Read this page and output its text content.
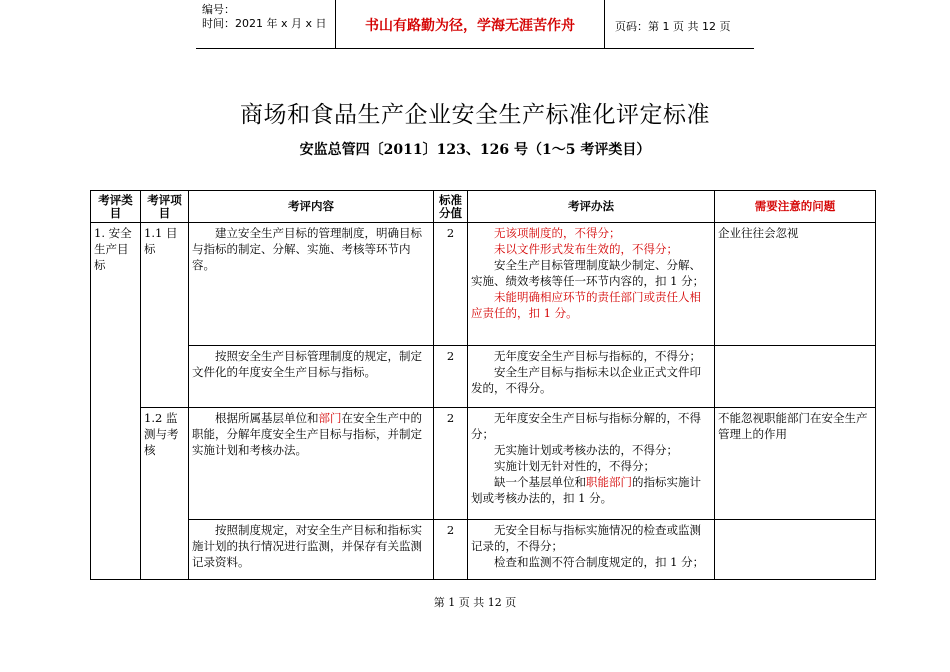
编号：
时间：2021 年 x 月 x 日	书山有路勤为径，学海无涯苦作舟	页码：第 1 页 共 12 页
商场和食品生产企业安全生产标准化评定标准
安监总管四〔2011〕123、126 号（1～5 考评类目）
考评类目	考评项目	考评内容	标准分值	考评办法	需要注意的问题
1. 安全生产目标	1.1 目标	建立安全生产目标的管理制度，明确目标与指标的制定、分解、实施、考核等环节内容。	2	无该项制度的，不得分；

未以文件形式发布生效的，不得分；

安全生产目标管理制度缺少制定、分解、实施、绩效考核等任一环节内容的，扣 1 分；

未能明确相应环节的责任部门或责任人相应责任的，扣 1 分。	企业往往会忽视

		按照安全生产目标管理制度的规定，制定文件化的年度安全生产目标与指标。	2	无年度安全生产目标与指标的，不得分；

安全生产目标与指标未以企业正式文件印发的，不得分。	

	1.2 监测与考核	根据所属基层单位和部门在安全生产中的职能，分解年度安全生产目标与指标，并制定实施计划和考核办法。	2	无年度安全生产目标与指标分解的，不得分；

无实施计划或考核办法的，不得分；

实施计划无针对性的，不得分；

缺一个基层单位和职能部门的指标实施计划或考核办法的，扣 1 分。	不能忽视职能部门在安全生产管理上的作用

		按照制度规定，对安全生产目标和指标实施计划的执行情况进行监测，并保存有关监测记录资料。	2	无安全目标与指标实施情况的检查或监测记录的，不得分；

检查和监测不符合制度规定的，扣 1 分；	

第 1 页 共 12 页
